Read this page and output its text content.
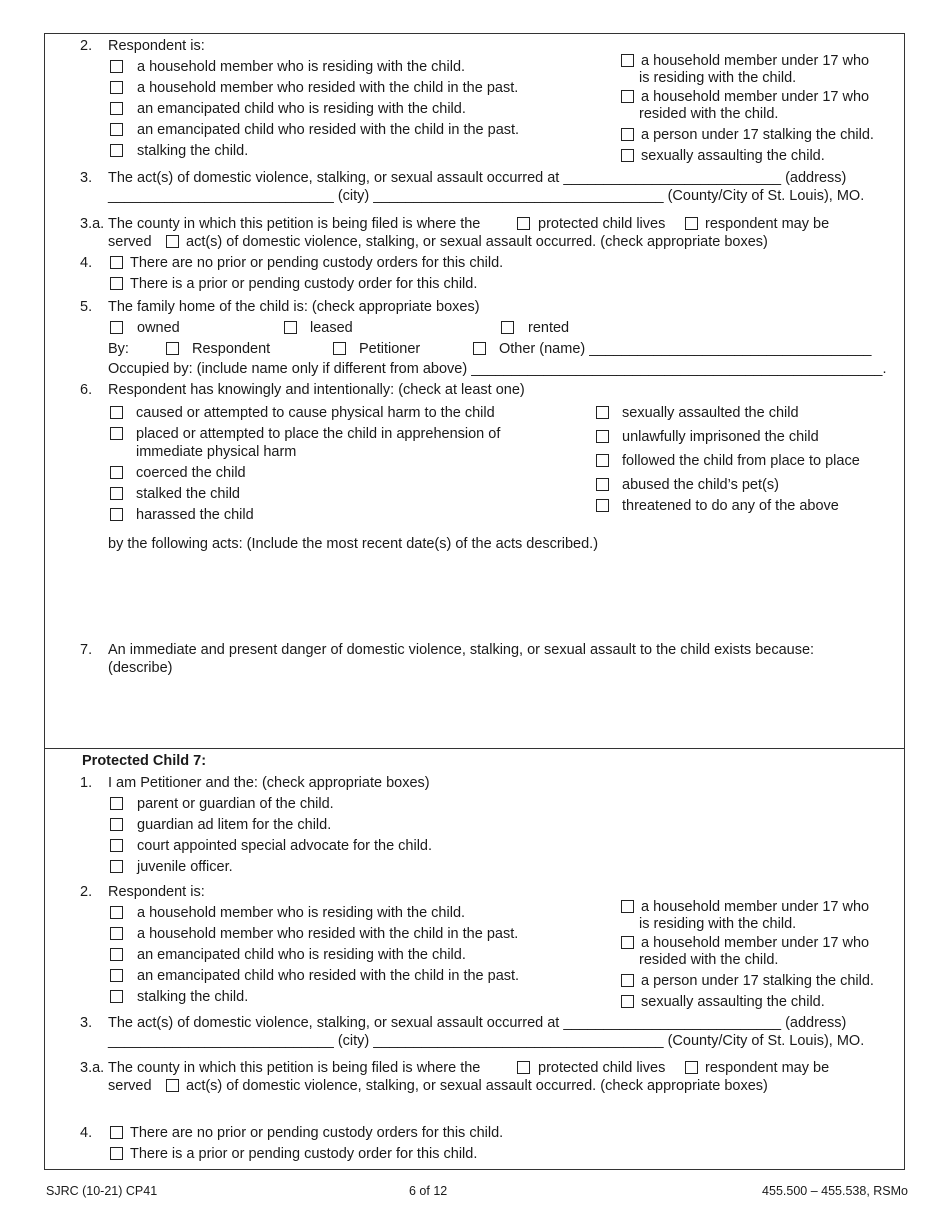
2. Respondent is:
a household member who is residing with the child.
a household member who resided with the child in the past.
an emancipated child who is residing with the child.
an emancipated child who resided with the child in the past.
stalking the child.
a household member under 17 who
is residing with the child.
a household member under 17 who
resided with the child.
a person under 17 stalking the child.
sexually assaulting the child.
3. The act(s) of domestic violence, stalking, or sexual assault occurred at ___________________________ (address)
____________________________ (city) ____________________________________ (County/City of St. Louis), MO.
3.a. The county in which this petition is being filed is where the	protected child lives	respondent may be
served act(s) of domestic violence, stalking, or sexual assault occurred. (check appropriate boxes)
4.	There are no prior or pending custody orders for this child.
There is a prior or pending custody order for this child.
5. The family home of the child is: (check appropriate boxes)
owned	leased	rented
By:	Respondent	Petitioner	Other (name) ___________________________________
Occupied by: (include name only if different from above) ___________________________________________________.
6. Respondent has knowingly and intentionally: (check at least one)
caused or attempted to cause physical harm to the child
placed or attempted to place the child in apprehension of
immediate physical harm
coerced the child
stalked the child
harassed the child
sexually assaulted the child
unlawfully imprisoned the child
followed the child from place to place
abused the child’s pet(s)
threatened to do any of the above
by the following acts: (Include the most recent date(s) of the acts described.)
7. An immediate and present danger of domestic violence, stalking, or sexual assault to the child exists because:
(describe)
Protected Child 7:
1. I am Petitioner and the: (check appropriate boxes)
parent or guardian of the child.
guardian ad litem for the child.
court appointed special advocate for the child.
juvenile officer.
2. Respondent is:
a household member who is residing with the child.
a household member who resided with the child in the past.
an emancipated child who is residing with the child.
an emancipated child who resided with the child in the past.
stalking the child.
a household member under 17 who
is residing with the child.
a household member under 17 who
resided with the child.
a person under 17 stalking the child.
sexually assaulting the child.
3. The act(s) of domestic violence, stalking, or sexual assault occurred at ___________________________ (address)
____________________________ (city) ____________________________________ (County/City of St. Louis), MO.
3.a. The county in which this petition is being filed is where the	protected child lives	respondent may be
served act(s) of domestic violence, stalking, or sexual assault occurred. (check appropriate boxes)
4.	There are no prior or pending custody orders for this child.
There is a prior or pending custody order for this child.
SJRC (10-21) CP41	6 of 12	455.500 – 455.538, RSMo
